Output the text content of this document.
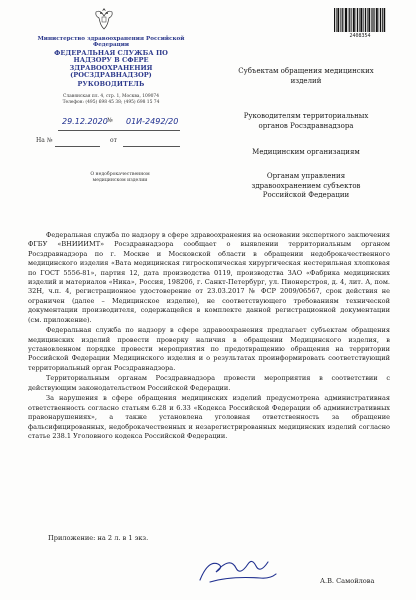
Министерство здравоохранения Российской Федерации
ФЕДЕРАЛЬНАЯ СЛУЖБА ПО НАДЗОРУ В СФЕРЕ ЗДРАВООХРАНЕНИЯ (РОСЗДРАВНАДЗОР)
РУКОВОДИТЕЛЬ
Славянская пл. 4, стр. 1, Москва, 109074
Телефон: (495) 698 45 38; (495) 698 15 74
29.12.2020 № 01И-2492/20
На №	от
О недоброкачественном медицинском изделии
2408354
Субъектам обращения медицинских изделий
Руководителям территориальных органов Росздравнадзора
Медицинским организациям
Органам управления здравоохранением субъектов Российской Федерации

Федеральная служба по надзору в сфере здравоохранения на основании экспертного заключения ФГБУ «ВНИИИМТ» Росздравнадзора сообщает о выявлении территориальным органом Росздравнадзора по г. Москве и Московской области в обращении недоброкачественного медицинского изделия «Вата медицинская гигроскопическая хирургическая нестерильная хлопковая по ГОСТ 5556-81», партия 12, дата производства 0119, производства ЗАО «Фабрика медицинских изделий и материалов «Ника», Россия, 198206, г. Санкт-Петербург, ул. Пионерстроя, д. 4, лит. А, пом. 32Н, ч.п. 4, регистрационное удостоверение от 23.03.2017 № ФСР 2009/06567, срок действия не ограничен (далее – Медицинское изделие), не соответствующего требованиям технической документации производителя, содержащейся в комплекте данной регистрационной документации (см. приложение).

Федеральная служба по надзору в сфере здравоохранения предлагает субъектам обращения медицинских изделий провести проверку наличия в обращении Медицинского изделия, в установленном порядке провести мероприятия по предотвращению обращения на территории Российской Федерации Медицинского изделия и о результатах проинформировать соответствующий территориальный орган Росздравнадзора.

Территориальным органам Росздравнадзора провести мероприятия в соответствии с действующим законодательством Российской Федерации.

За нарушения в сфере обращения медицинских изделий предусмотрена административная ответственность согласно статьям 6.28 и 6.33 «Кодекса Российской Федерации об административных правонарушениях», а также установлена уголовная ответственность за обращение фальсифицированных, недоброкачественных и незарегистрированных медицинских изделий согласно статье 238.1 Уголовного кодекса Российской Федерации.

Приложение: на 2 л. в 1 экз.
А.В. Самойлова
